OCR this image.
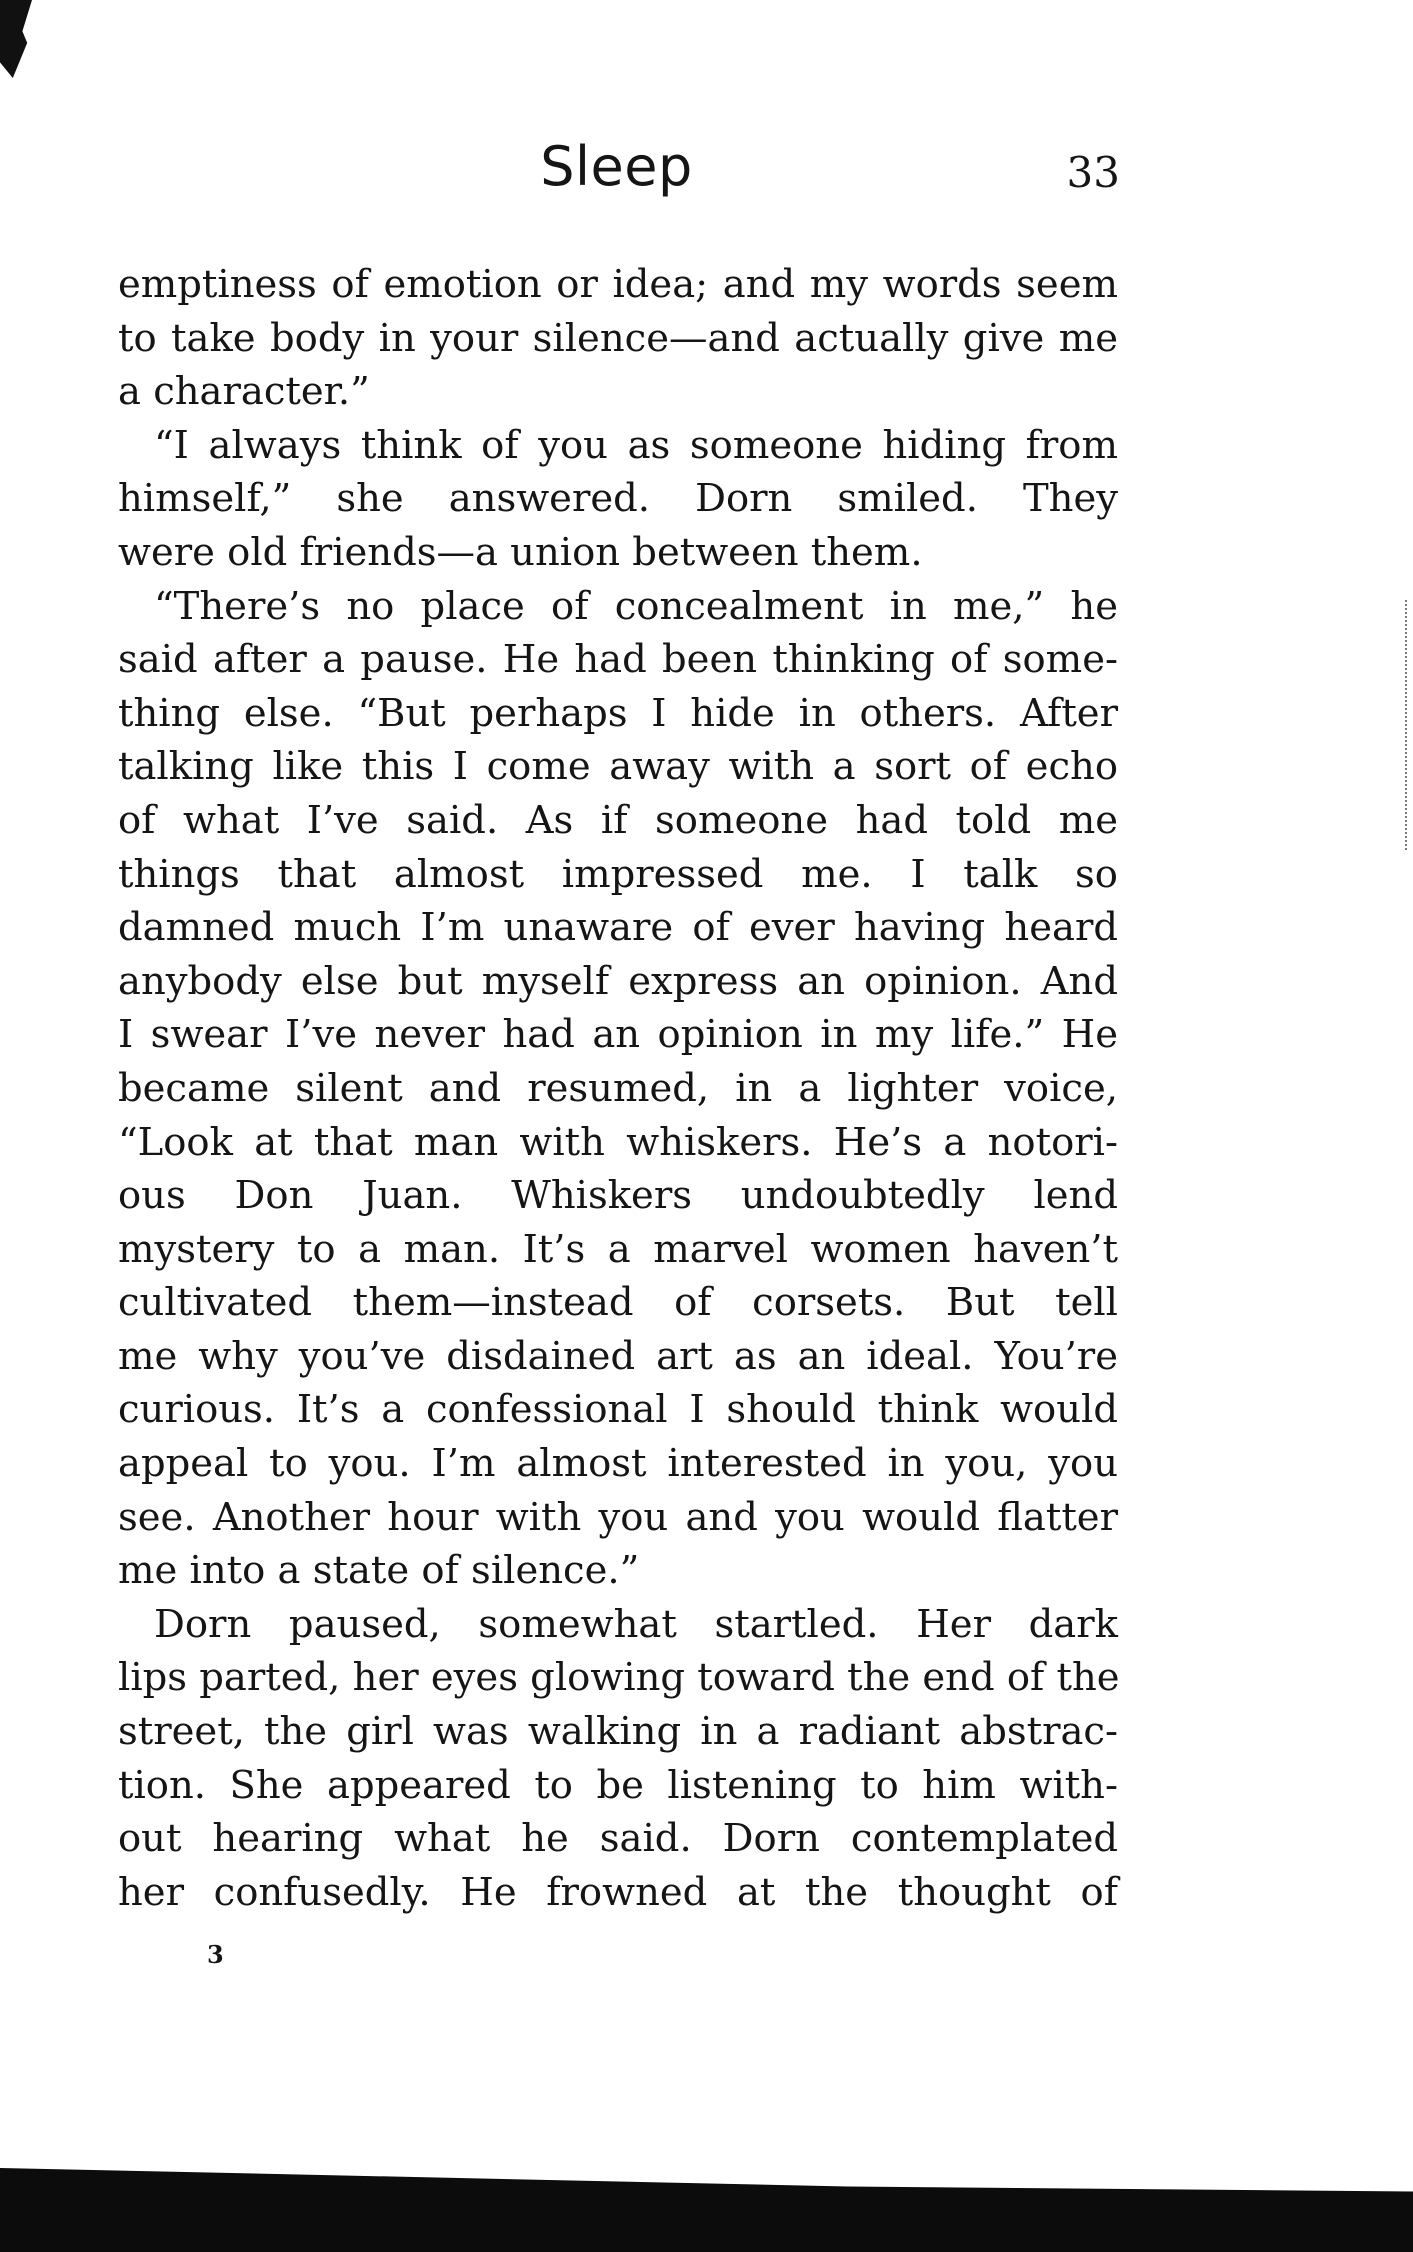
Sleep	33
emptiness of emotion or idea; and my words seem
to take body in your silence—and actually give me
a character.”
“I always think of you as someone hiding from
himself,” she answered. Dorn smiled. They
were old friends—a union between them.
“There’s no place of concealment in me,” he
said after a pause. He had been thinking of some-
thing else. “But perhaps I hide in others. After
talking like this I come away with a sort of echo
of what I’ve said. As if someone had told me
things that almost impressed me. I talk so
damned much I’m unaware of ever having heard
anybody else but myself express an opinion. And
I swear I’ve never had an opinion in my life.” He
became silent and resumed, in a lighter voice,
“Look at that man with whiskers. He’s a notori-
ous Don Juan. Whiskers undoubtedly lend
mystery to a man. It’s a marvel women haven’t
cultivated them—instead of corsets. But tell
me why you’ve disdained art as an ideal. You’re
curious. It’s a confessional I should think would
appeal to you. I’m almost interested in you, you
see. Another hour with you and you would flatter
me into a state of silence.”
Dorn paused, somewhat startled. Her dark
lips parted, her eyes glowing toward the end of the
street, the girl was walking in a radiant abstrac-
tion. She appeared to be listening to him with-
out hearing what he said. Dorn contemplated
her confusedly. He frowned at the thought of
3
